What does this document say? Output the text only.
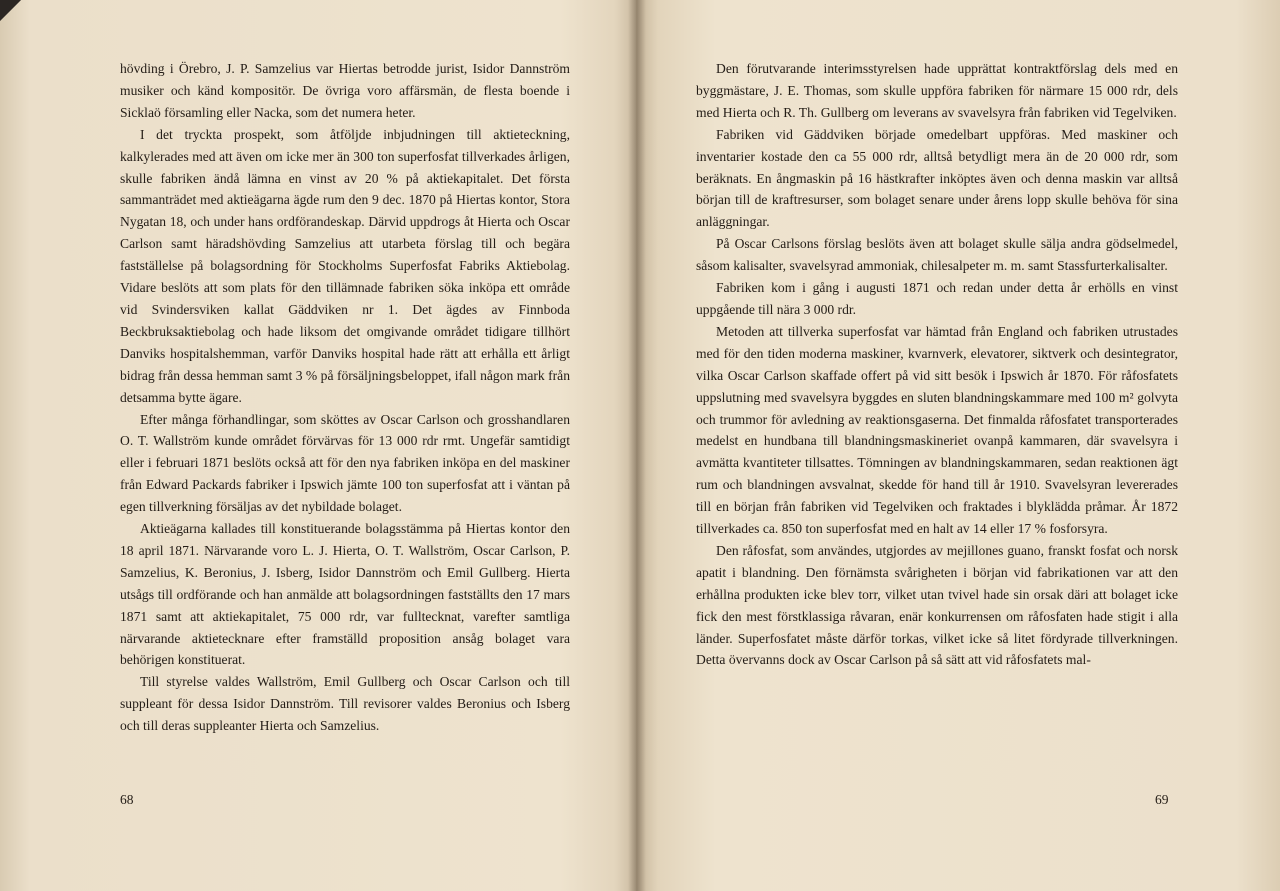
hövding i Örebro, J. P. Samzelius var Hiertas betrodde jurist, Isidor Dannström musiker och känd kompositör. De övriga voro affärsmän, de flesta boende i Sicklaö församling eller Nacka, som det numera heter.

I det tryckta prospekt, som åtföljde inbjudningen till aktieteckning, kalkylerades med att även om icke mer än 300 ton superfosfat tillverkades årligen, skulle fabriken ändå lämna en vinst av 20 % på aktiekapitalet. Det första sammanträdet med aktieägarna ägde rum den 9 dec. 1870 på Hiertas kontor, Stora Nygatan 18, och under hans ordförandeskap. Därvid uppdrogs åt Hierta och Oscar Carlson samt häradshövding Samzelius att utarbeta förslag till och begära fastställelse på bolagsordning för Stockholms Superfosfat Fabriks Aktiebolag. Vidare beslöts att som plats för den tillämnade fabriken söka inköpa ett område vid Svindersviken kallat Gäddviken nr 1. Det ägdes av Finnboda Beckbruksaktiebolag och hade liksom det omgivande området tidigare tillhört Danviks hospitalshemman, varför Danviks hospital hade rätt att erhålla ett årligt bidrag från dessa hemman samt 3 % på försäljningsbeloppet, ifall någon mark från detsamma bytte ägare.

Efter många förhandlingar, som sköttes av Oscar Carlson och grosshandlaren O. T. Wallström kunde området förvärvas för 13 000 rdr rmt. Ungefär samtidigt eller i februari 1871 beslöts också att för den nya fabriken inköpa en del maskiner från Edward Packards fabriker i Ipswich jämte 100 ton superfosfat att i väntan på egen tillverkning försäljas av det nybildade bolaget.

Aktieägarna kallades till konstituerande bolagsstämma på Hiertas kontor den 18 april 1871. Närvarande voro L. J. Hierta, O. T. Wallström, Oscar Carlson, P. Samzelius, K. Beronius, J. Isberg, Isidor Dannström och Emil Gullberg. Hierta utsågs till ordförande och han anmälde att bolagsordningen fastställts den 17 mars 1871 samt att aktiekapitalet, 75 000 rdr, var fulltecknat, varefter samtliga närvarande aktietecknare efter framställd proposition ansåg bolaget vara behörigen konstituerat.

Till styrelse valdes Wallström, Emil Gullberg och Oscar Carlson och till suppleant för dessa Isidor Dannström. Till revisorer valdes Beronius och Isberg och till deras suppleanter Hierta och Samzelius.

68

Den förutvarande interimsstyrelsen hade upprättat kontraktförslag dels med en byggmästare, J. E. Thomas, som skulle uppföra fabriken för närmare 15 000 rdr, dels med Hierta och R. Th. Gullberg om leverans av svavelsyra från fabriken vid Tegelviken.

Fabriken vid Gäddviken började omedelbart uppföras. Med maskiner och inventarier kostade den ca 55 000 rdr, alltså betydligt mera än de 20 000 rdr, som beräknats. En ångmaskin på 16 hästkrafter inköptes även och denna maskin var alltså början till de kraftresurser, som bolaget senare under årens lopp skulle behöva för sina anläggningar.

På Oscar Carlsons förslag beslöts även att bolaget skulle sälja andra gödselmedel, såsom kalisalter, svavelsyrad ammoniak, chilesalpeter m. m. samt Stassfurterkalisalter.

Fabriken kom i gång i augusti 1871 och redan under detta år erhölls en vinst uppgående till nära 3 000 rdr.

Metoden att tillverka superfosfat var hämtad från England och fabriken utrustades med för den tiden moderna maskiner, kvarnverk, elevatorer, siktverk och desintegrator, vilka Oscar Carlson skaffade offert på vid sitt besök i Ipswich år 1870. För råfosfatets uppslutning med svavelsyra byggdes en sluten blandningskammare med 100 m² golvyta och trummor för avledning av reaktionsgaserna. Det finmalda råfosfatet transporterades medelst en hundbana till blandningsmaskineriet ovanpå kammaren, där svavelsyra i avmätta kvantiteter tillsattes. Tömningen av blandningskammaren, sedan reaktionen ägt rum och blandningen avsvalnat, skedde för hand till år 1910. Svavelsyran levererades till en början från fabriken vid Tegelviken och fraktades i blyklädda pråmar. År 1872 tillverkades ca. 850 ton superfosfat med en halt av 14 eller 17 % fosforsyra.

Den råfosfat, som användes, utgjordes av mejillones guano, franskt fosfat och norsk apatit i blandning. Den förnämsta svårigheten i början vid fabrikationen var att den erhållna produkten icke blev torr, vilket utan tvivel hade sin orsak däri att bolaget icke fick den mest förstklassiga råvaran, enär konkurrensen om råfosfaten hade stigit i alla länder. Superfosfatet måste därför torkas, vilket icke så litet fördyrade tillverkningen. Detta övervanns dock av Oscar Carlson på så sätt att vid råfosfatets mal-

69
